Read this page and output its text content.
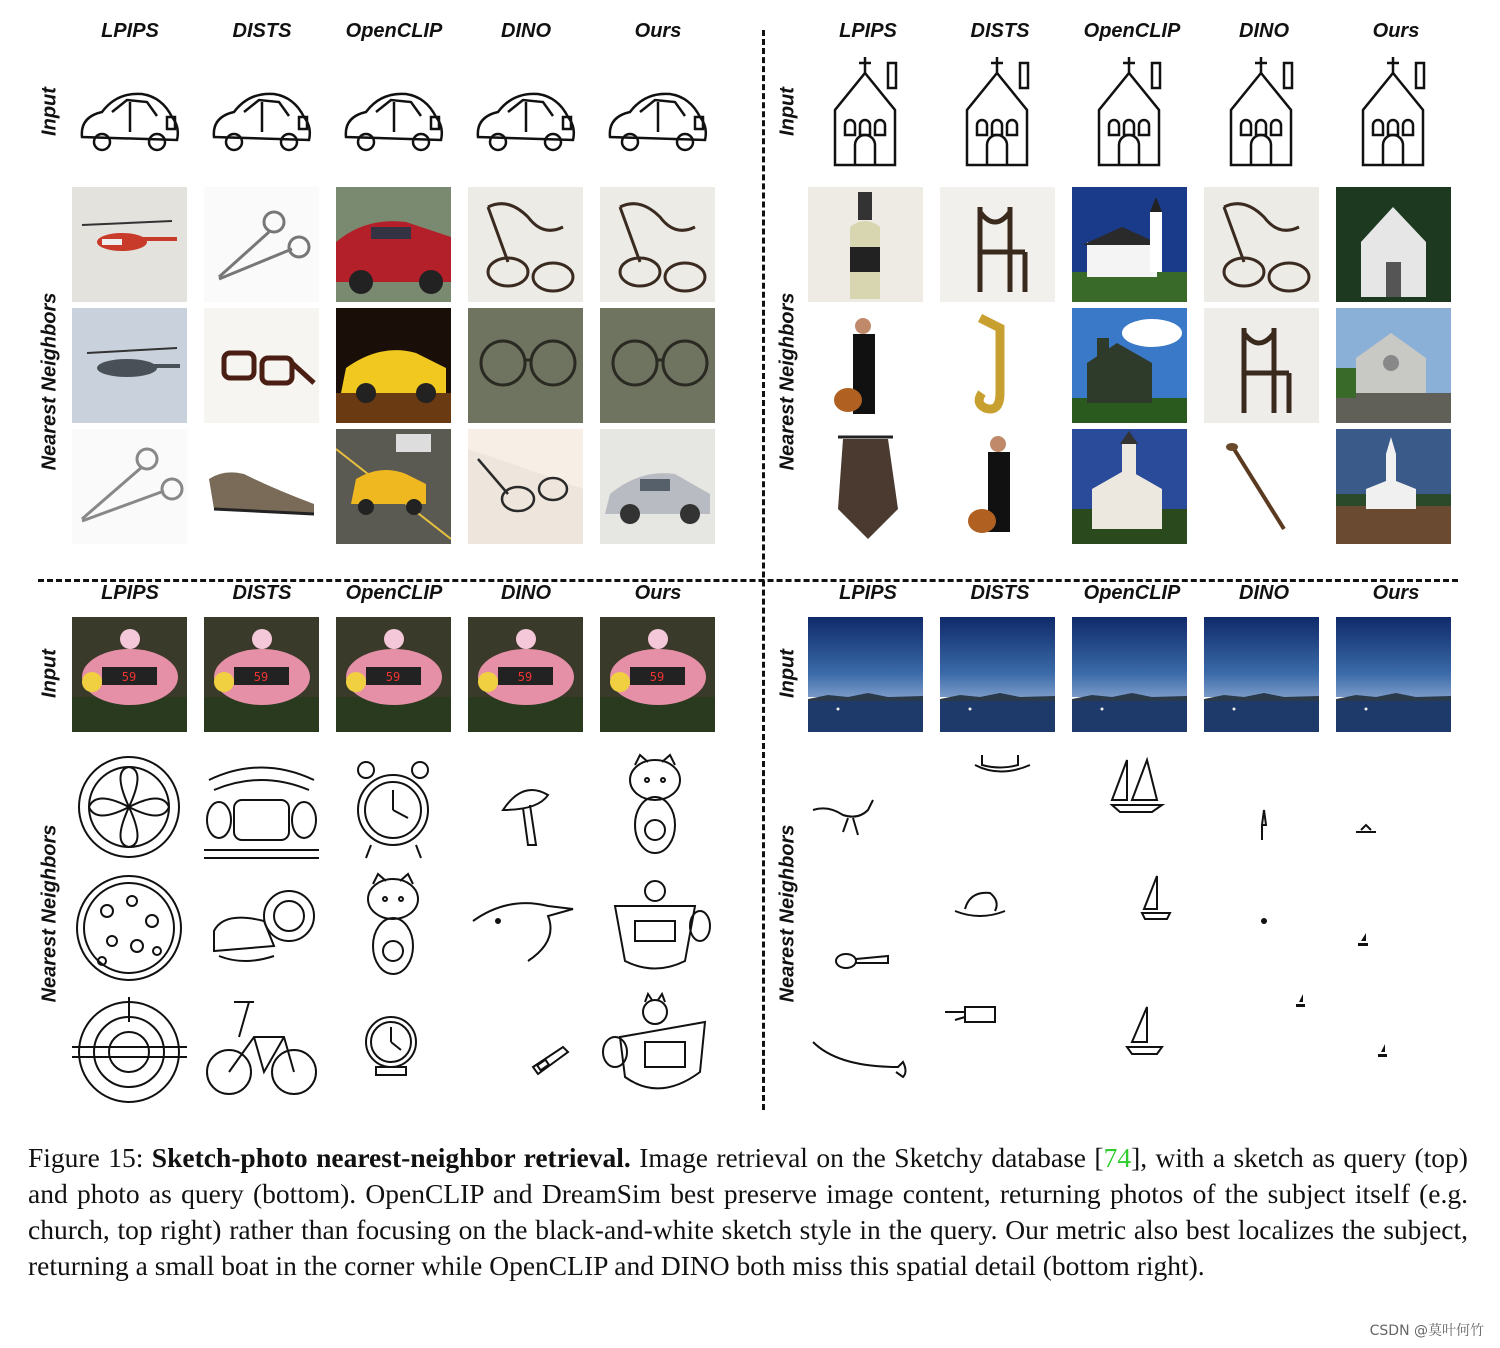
LPIPS	DISTS	OpenCLIP	DINO	Ours
Input
Nearest Neighbors
LPIPS	DISTS	OpenCLIP	DINO	Ours
Input
Nearest Neighbors
LPIPS	DISTS	OpenCLIP	DINO	Ours
Input
Nearest Neighbors
59	59	59	59	59
LPIPS	DISTS	OpenCLIP	DINO	Ours
Input
Nearest Neighbors
Figure 15: Sketch-photo nearest-neighbor retrieval. Image retrieval on the Sketchy database [74], with a sketch as query (top) and photo as query (bottom). OpenCLIP and DreamSim best preserve image content, returning photos of the subject itself (e.g. church, top right) rather than focusing on the black-and-white sketch style in the query. Our metric also best localizes the subject, returning a small boat in the corner while OpenCLIP and DINO both miss this spatial detail (bottom right).
CSDN @莫叶何竹
